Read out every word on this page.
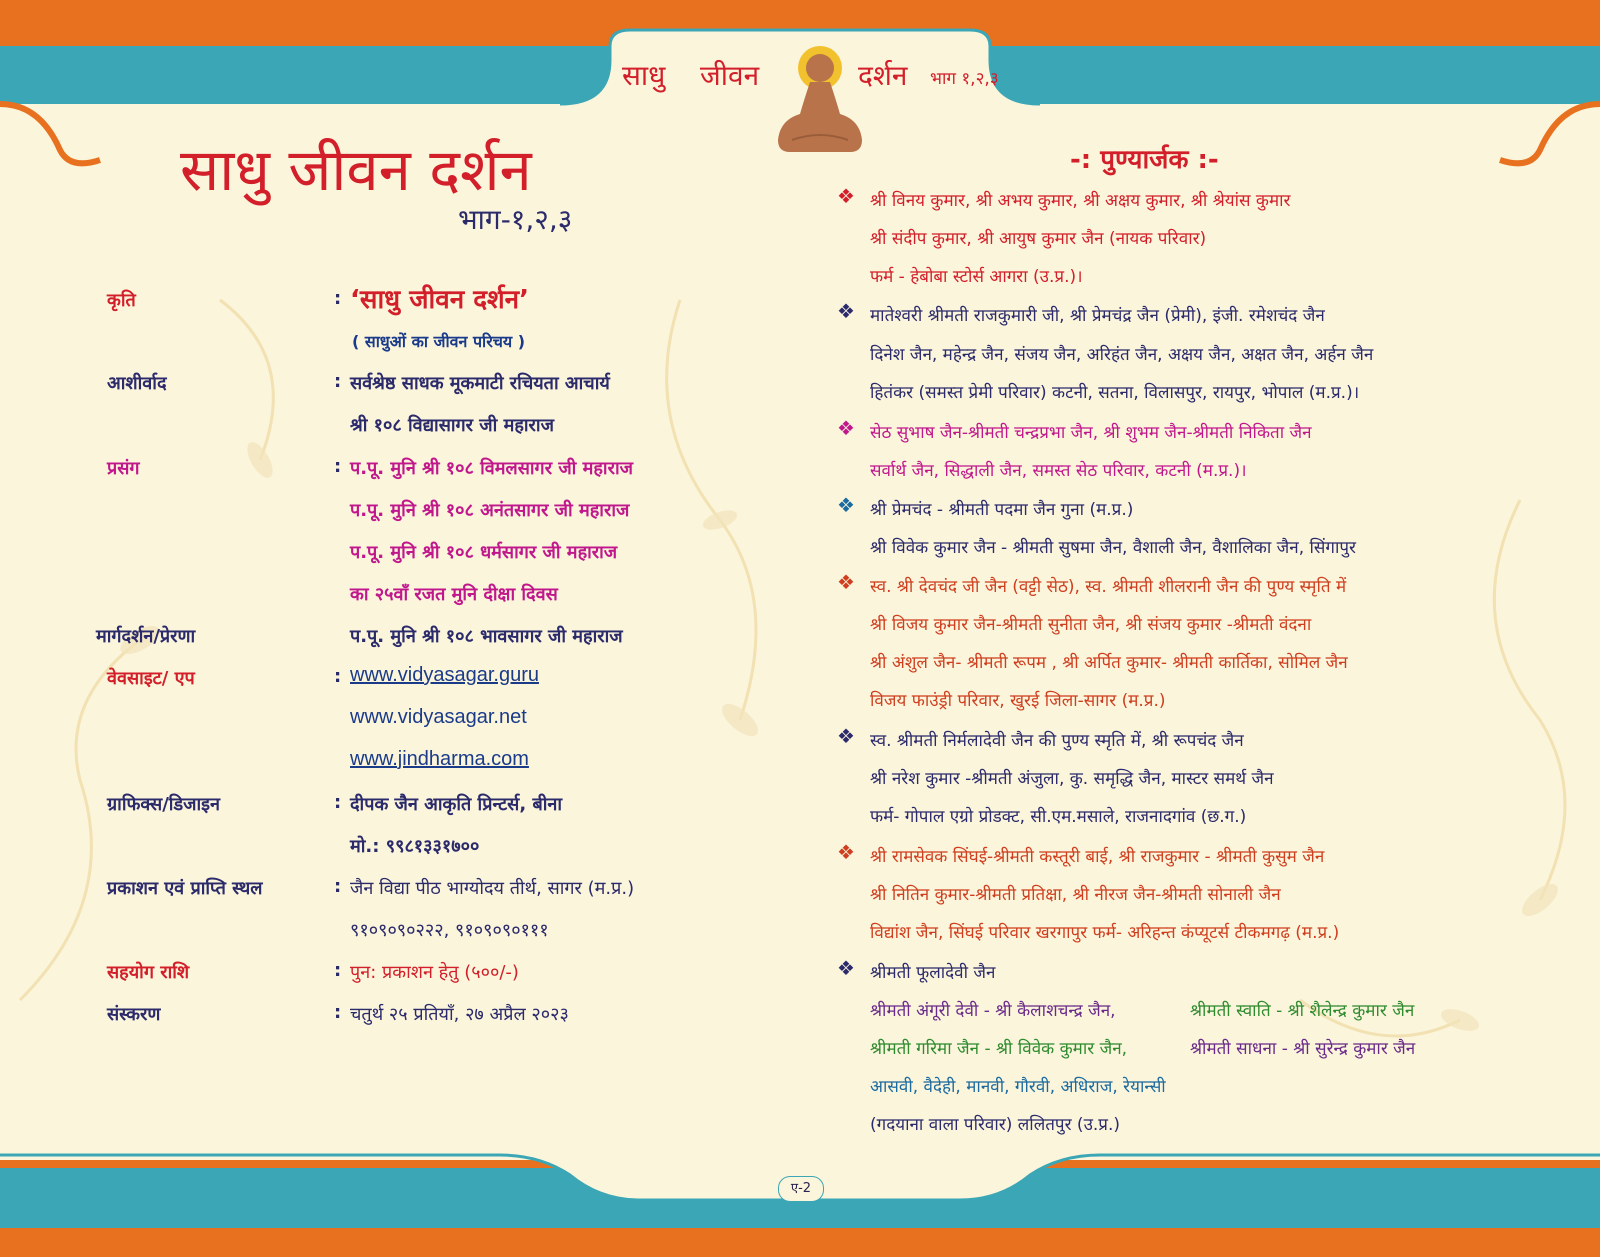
साधु जीवन	दर्शन भाग १,२,३
साधु जीवन दर्शन
भाग-१,२,३
कृति	: ‘साधु जीवन दर्शन’
( साधुओं का जीवन परिचय )
आशीर्वाद	: सर्वश्रेष्ठ साधक मूकमाटी रचियता आचार्य
श्री १०८ विद्यासागर जी महाराज
प्रसंग	: प.पू. मुनि श्री १०८ विमलसागर जी महाराज
प.पू. मुनि श्री १०८ अनंतसागर जी महाराज
प.पू. मुनि श्री १०८ धर्मसागर जी महाराज
का २५वाँ रजत मुनि दीक्षा दिवस
मार्गदर्शन/प्रेरणा	प.पू. मुनि श्री १०८ भावसागर जी महाराज
वेवसाइट/ एप	: www.vidyasagar.guru
www.vidyasagar.net
www.jindharma.com
ग्राफिक्स/डिजाइन	: दीपक जैन आकृति प्रिन्टर्स, बीना
मो.: ९९८१३३१७००
प्रकाशन एवं प्राप्ति स्थल	: जैन विद्या पीठ भाग्योदय तीर्थ, सागर (म.प्र.)
९१०९०९०२२२, ९१०९०९०१११
सहयोग राशि	: पुन: प्रकाशन हेतु (५००/-)
संस्करण	: चतुर्थ २५ प्रतियाँ, २७ अप्रैल २०२३
-: पुण्यार्जक :-
❖ श्री विनय कुमार, श्री अभय कुमार, श्री अक्षय कुमार, श्री श्रेयांस कुमार
श्री संदीप कुमार, श्री आयुष कुमार जैन (नायक परिवार)
फर्म - हेबोबा स्टोर्स आगरा (उ.प्र.)।
❖ मातेश्वरी श्रीमती राजकुमारी जी, श्री प्रेमचंद्र जैन (प्रेमी), इंजी. रमेशचंद जैन
दिनेश जैन, महेन्द्र जैन, संजय जैन, अरिहंत जैन, अक्षय जैन, अक्षत जैन, अर्हन जैन
हितंकर (समस्त प्रेमी परिवार) कटनी, सतना, विलासपुर, रायपुर, भोपाल (म.प्र.)।
❖ सेठ सुभाष जैन-श्रीमती चन्द्रप्रभा जैन, श्री शुभम जैन-श्रीमती निकिता जैन
सर्वार्थ जैन, सिद्धाली जैन, समस्त सेठ परिवार, कटनी (म.प्र.)।
❖ श्री प्रेमचंद - श्रीमती पदमा जैन गुना (म.प्र.)
श्री विवेक कुमार जैन - श्रीमती सुषमा जैन, वैशाली जैन, वैशालिका जैन, सिंगापुर
❖ स्व. श्री देवचंद जी जैन (वट्टी सेठ), स्व. श्रीमती शीलरानी जैन की पुण्य स्मृति में
श्री विजय कुमार जैन-श्रीमती सुनीता जैन, श्री संजय कुमार -श्रीमती वंदना
श्री अंशुल जैन- श्रीमती रूपम , श्री अर्पित कुमार- श्रीमती कार्तिका, सोमिल जैन
विजय फाउंड्री परिवार, खुरई जिला-सागर (म.प्र.)
❖ स्व. श्रीमती निर्मलादेवी जैन की पुण्य स्मृति में, श्री रूपचंद जैन
श्री नरेश कुमार -श्रीमती अंजुला, कु. समृद्धि जैन, मास्टर समर्थ जैन
फर्म- गोपाल एग्रो प्रोडक्ट, सी.एम.मसाले, राजनादगांव (छ.ग.)
❖ श्री रामसेवक सिंघई-श्रीमती कस्तूरी बाई, श्री राजकुमार - श्रीमती कुसुम जैन
श्री नितिन कुमार-श्रीमती प्रतिक्षा, श्री नीरज जैन-श्रीमती सोनाली जैन
विद्यांश जैन, सिंघई परिवार खरगापुर फर्म- अरिहन्त कंप्यूटर्स टीकमगढ़ (म.प्र.)
❖ श्रीमती फूलादेवी जैन
श्रीमती अंगूरी देवी - श्री कैलाशचन्द्र जैन,	श्रीमती स्वाति - श्री शैलेन्द्र कुमार जैन
श्रीमती गरिमा जैन - श्री विवेक कुमार जैन,	श्रीमती साधना - श्री सुरेन्द्र कुमार जैन
आसवी, वैदेही, मानवी, गौरवी, अधिराज, रेयान्सी
(गदयाना वाला परिवार) ललितपुर (उ.प्र.)
ए-2
